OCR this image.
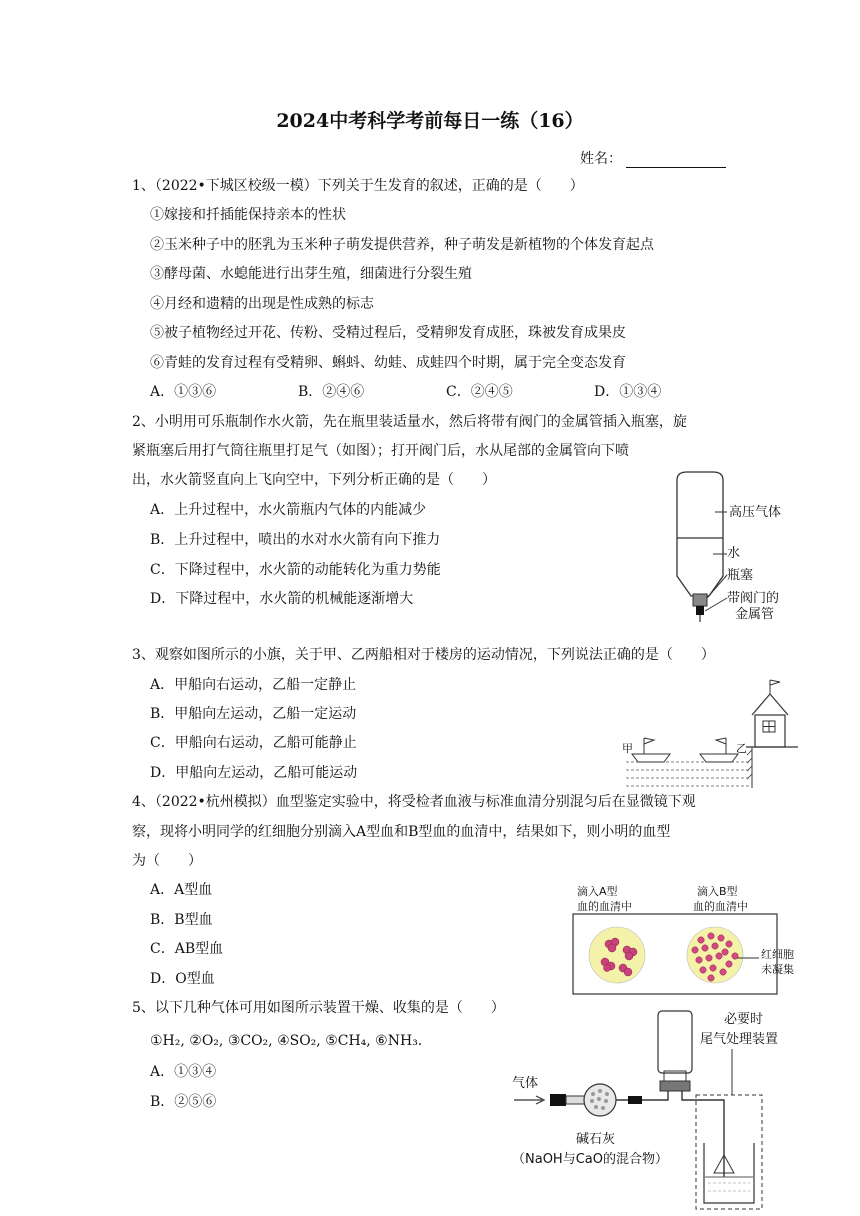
2024中考科学考前每日一练（16）
姓名：
1、（2022•下城区校级一模）下列关于生发育的叙述，正确的是（　　）
①嫁接和扦插能保持亲本的性状
②玉米种子中的胚乳为玉米种子萌发提供营养，种子萌发是新植物的个体发育起点
③酵母菌、水螅能进行出芽生殖，细菌进行分裂生殖
④月经和遗精的出现是性成熟的标志
⑤被子植物经过开花、传粉、受精过程后，受精卵发育成胚，珠被发育成果皮
⑥青蛙的发育过程有受精卵、蝌蚪、幼蛙、成蛙四个时期，属于完全变态发育
A．①③⑥	B．②④⑥	C．②④⑤	D．①③④
2、小明用可乐瓶制作水火箭，先在瓶里装适量水，然后将带有阀门的金属管插入瓶塞，旋
紧瓶塞后用打气筒往瓶里打足气（如图）；打开阀门后，水从尾部的金属管向下喷
出，水火箭竖直向上飞向空中，下列分析正确的是（　　）
A．上升过程中，水火箭瓶内气体的内能减少
B．上升过程中，喷出的水对水火箭有向下推力
C．下降过程中，水火箭的动能转化为重力势能
D．下降过程中，水火箭的机械能逐渐增大
高压气体
水
瓶塞
带阀门的
金属管
3、观察如图所示的小旗，关于甲、乙两船相对于楼房的运动情况，下列说法正确的是（　　）
A．甲船向右运动，乙船一定静止
B．甲船向左运动，乙船一定运动
C．甲船向右运动，乙船可能静止
D．甲船向左运动，乙船可能运动
甲	乙
4、（2022•杭州模拟）血型鉴定实验中，将受检者血液与标准血清分别混匀后在显微镜下观
察，现将小明同学的红细胞分别滴入A型血和B型血的血清中，结果如下，则小明的血型
为（　　）
A．A型血
B．B型血
C．AB型血
D．O型血
滴入A型
血的血清中
滴入B型
血的血清中
红细胞
未凝集
5、以下几种气体可用如图所示装置干燥、收集的是（　　）
①H₂, ②O₂, ③CO₂, ④SO₂, ⑤CH₄, ⑥NH₃.
A．①③④
B．②⑤⑥
气体
碱石灰
（NaOH与CaO的混合物）
必要时
尾气处理装置
